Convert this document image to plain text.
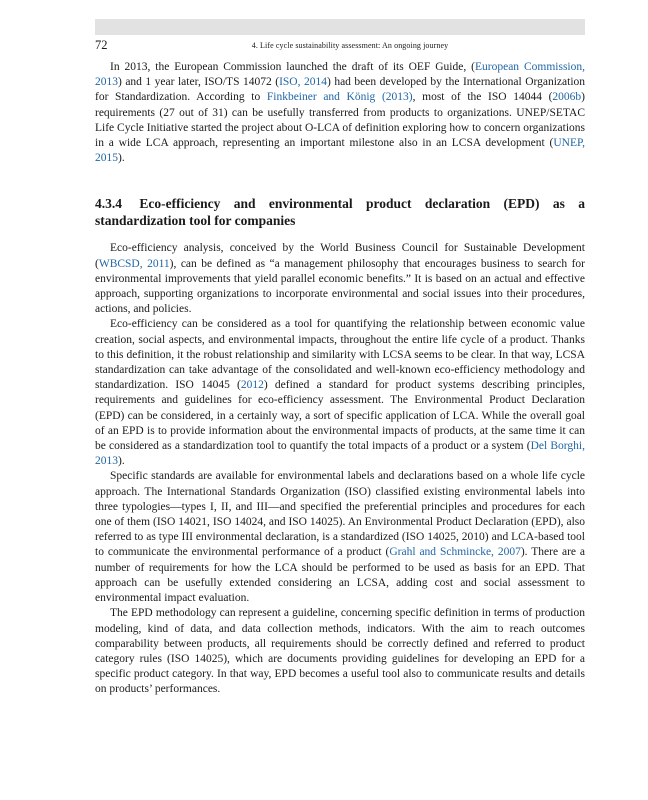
72	4. Life cycle sustainability assessment: An ongoing journey

In 2013, the European Commission launched the draft of its OEF Guide, (European Commission, 2013) and 1 year later, ISO/TS 14072 (ISO, 2014) had been developed by the International Organization for Standardization. According to Finkbeiner and König (2013), most of the ISO 14044 (2006b) requirements (27 out of 31) can be usefully transferred from products to organizations. UNEP/SETAC Life Cycle Initiative started the project about O-LCA of definition exploring how to concern organizations in a wide LCA approach, representing an important milestone also in an LCSA development (UNEP, 2015).

4.3.4 Eco-efficiency and environmental product declaration (EPD) as a standardization tool for companies

Eco-efficiency analysis, conceived by the World Business Council for Sustainable Development (WBCSD, 2011), can be defined as “a management philosophy that encourages business to search for environmental improvements that yield parallel economic benefits.” It is based on an actual and effective approach, supporting organizations to incorporate environmental and social issues into their procedures, actions, and policies.

Eco-efficiency can be considered as a tool for quantifying the relationship between economic value creation, social aspects, and environmental impacts, throughout the entire life cycle of a product. Thanks to this definition, it the robust relationship and similarity with LCSA seems to be clear. In that way, LCSA standardization can take advantage of the consolidated and well-known eco-efficiency methodology and standardization. ISO 14045 (2012) defined a standard for product systems describing principles, requirements and guidelines for eco-efficiency assessment. The Environmental Product Declaration (EPD) can be considered, in a certainly way, a sort of specific application of LCA. While the overall goal of an EPD is to provide information about the environmental impacts of products, at the same time it can be considered as a standardization tool to quantify the total impacts of a product or a system (Del Borghi, 2013).

Specific standards are available for environmental labels and declarations based on a whole life cycle approach. The International Standards Organization (ISO) classified existing environmental labels into three typologies—types I, II, and III—and specified the preferential principles and procedures for each one of them (ISO 14021, ISO 14024, and ISO 14025). An Environmental Product Declaration (EPD), also referred to as type III environmental declaration, is a standardized (ISO 14025, 2010) and LCA-based tool to communicate the environmental performance of a product (Grahl and Schmincke, 2007). There are a number of requirements for how the LCA should be performed to be used as basis for an EPD. That approach can be usefully extended considering an LCSA, adding cost and social assessment to environmental impact evaluation.

The EPD methodology can represent a guideline, concerning specific definition in terms of production modeling, kind of data, and data collection methods, indicators. With the aim to reach outcomes comparability between products, all requirements should be correctly defined and referred to product category rules (ISO 14025), which are documents providing guidelines for developing an EPD for a specific product category. In that way, EPD becomes a useful tool also to communicate results and details on products’ performances.
